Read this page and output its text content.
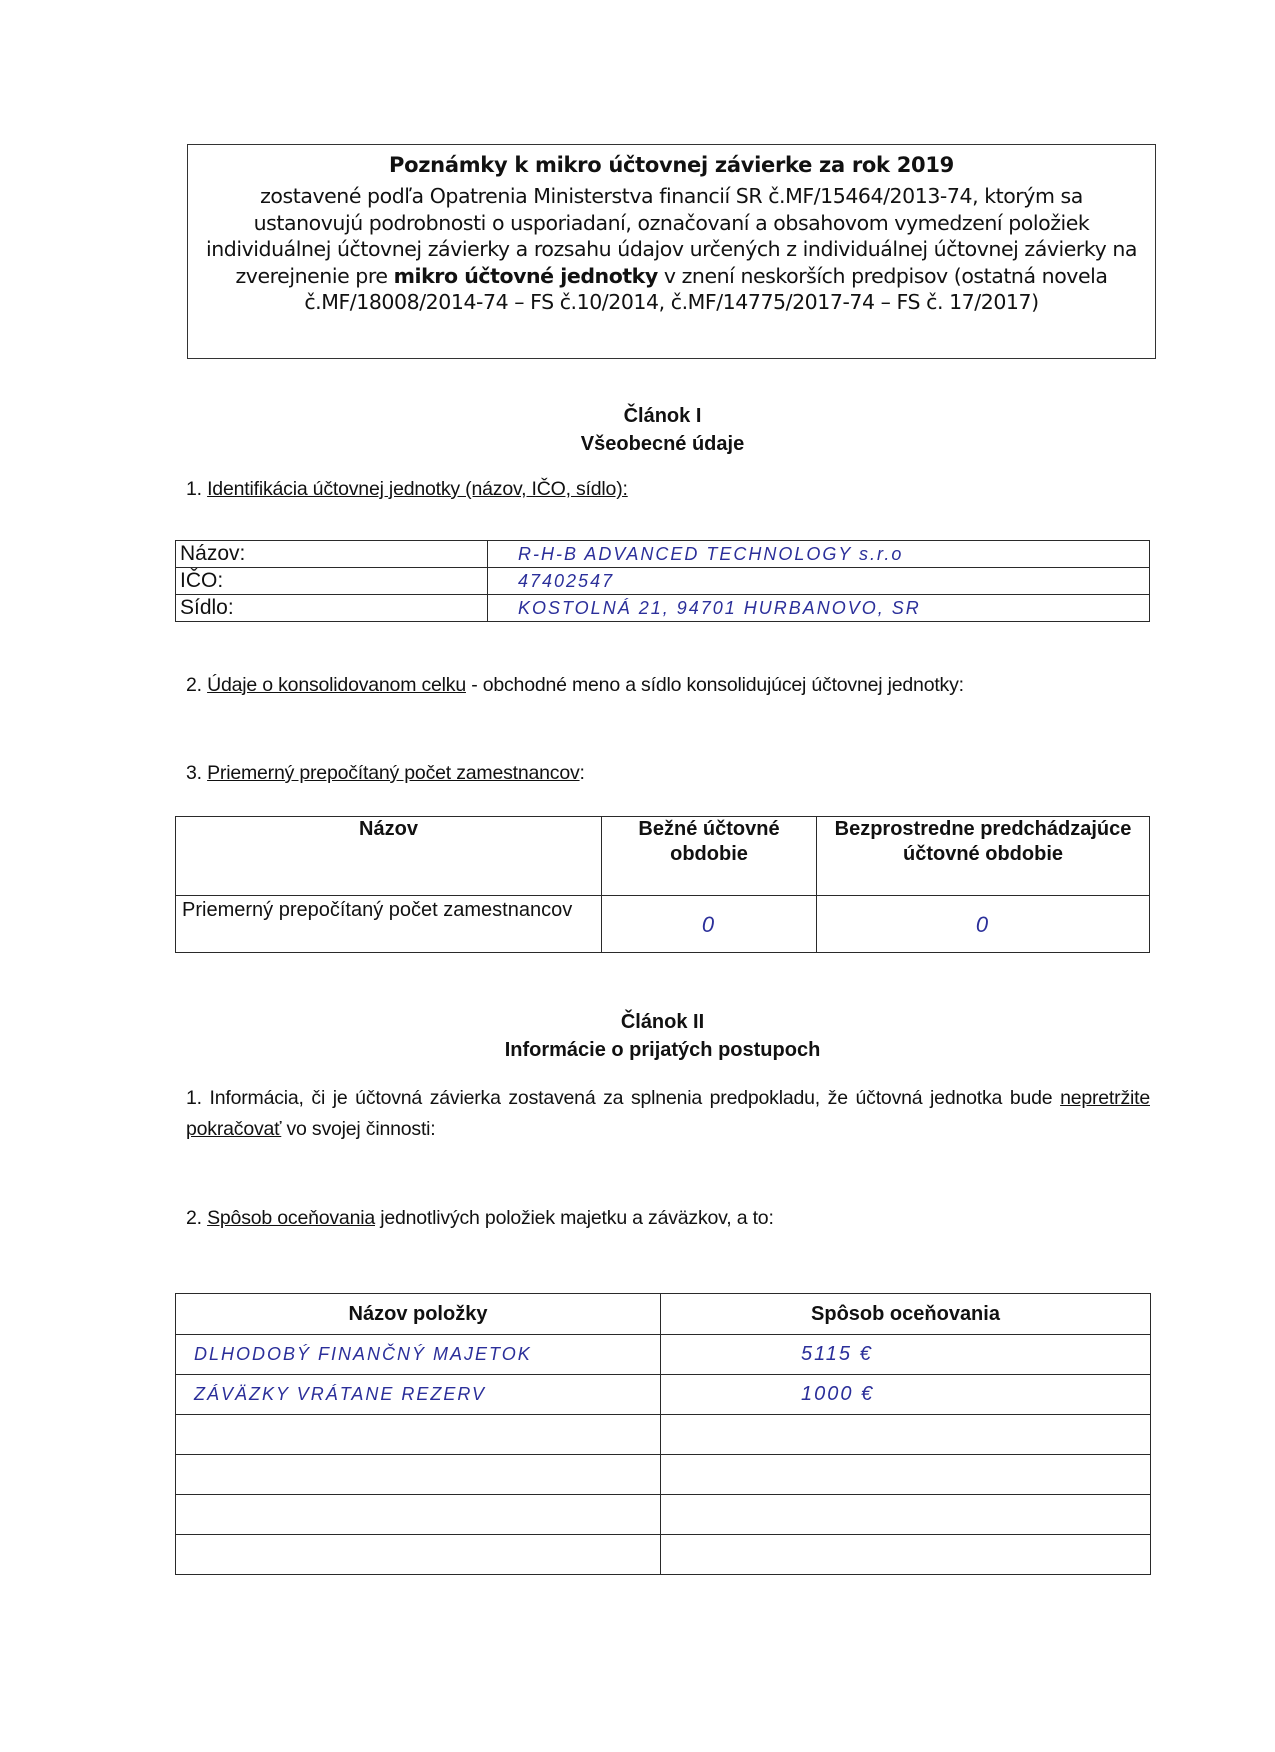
Poznámky k mikro účtovnej závierke za rok 2019
zostavené podľa Opatrenia Ministerstva financií SR č.MF/15464/2013-74, ktorým sa ustanovujú podrobnosti o usporiadaní, označovaní a obsahovom vymedzení položiek individuálnej účtovnej závierky a rozsahu údajov určených z individuálnej účtovnej závierky na zverejnenie pre mikro účtovné jednotky v znení neskorších predpisov (ostatná novela č.MF/18008/2014-74 – FS č.10/2014, č.MF/14775/2017-74 – FS č. 17/2017)
Článok I
Všeobecné údaje
1. Identifikácia účtovnej jednotky (názov, IČO, sídlo):
Názov:	R-H-B ADVANCED TECHNOLOGY s.r.o
IČO:	47402547
Sídlo:	KOSTOLNÁ 21, 94701 HURBANOVO, SR
2. Údaje o konsolidovanom celku - obchodné meno a sídlo konsolidujúcej účtovnej jednotky:
3. Priemerný prepočítaný počet zamestnancov:
Názov	Bežné účtovné obdobie	Bezprostredne predchádzajúce účtovné obdobie
Priemerný prepočítaný počet zamestnancov	0	0
Článok II
Informácie o prijatých postupoch
1. Informácia, či je účtovná závierka zostavená za splnenia predpokladu, že účtovná jednotka bude nepretržite pokračovať vo svojej činnosti:
2. Spôsob oceňovania jednotlivých položiek majetku a záväzkov, a to:
Názov položky	Spôsob oceňovania
DLHODOBÝ FINANČNÝ MAJETOK	5115 €
ZÁVÄZKY VRÁTANE REZERV	1000 €
